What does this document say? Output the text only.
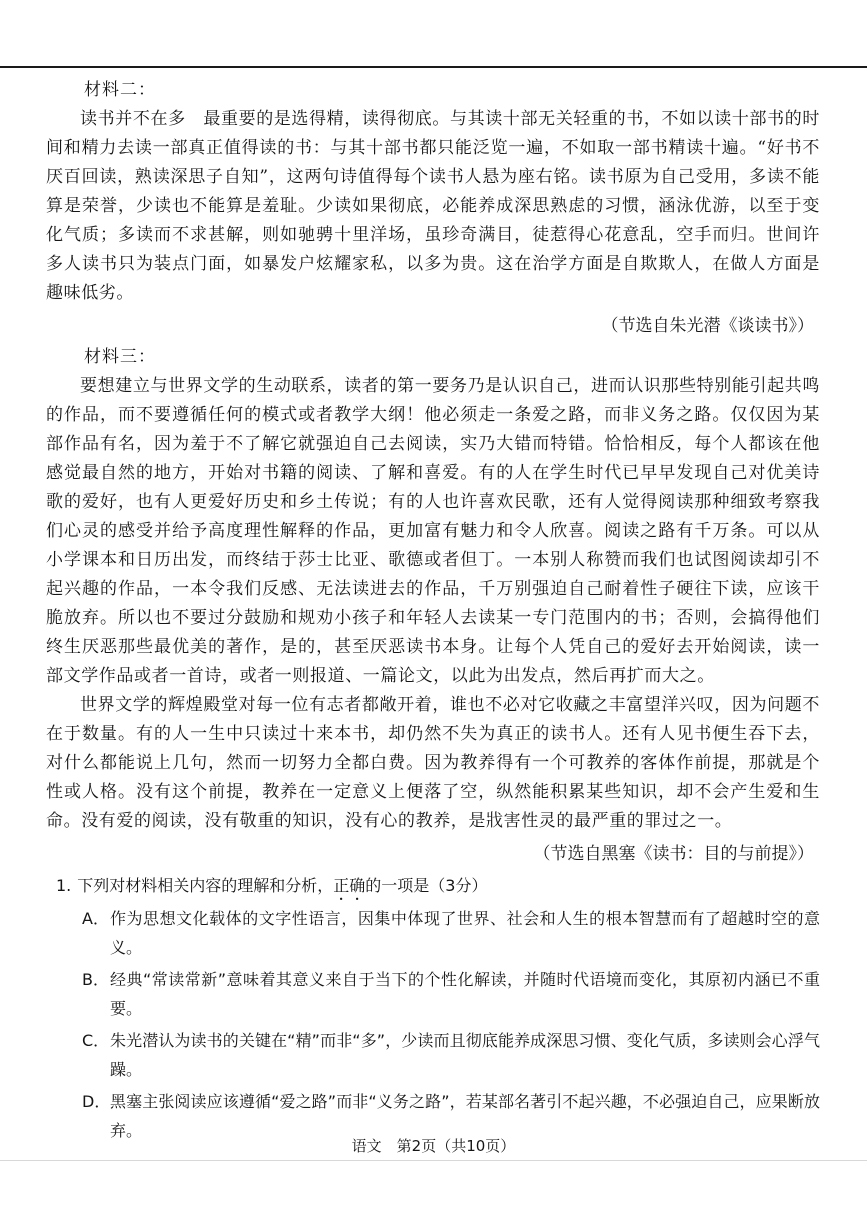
材料二：

读书并不在多　最重要的是选得精，读得彻底。与其读十部无关轻重的书，不如以读十部书的时间和精力去读一部真正值得读的书：与其十部书都只能泛览一遍，不如取一部书精读十遍。“好书不厌百回读，熟读深思子自知”，这两句诗值得每个读书人悬为座右铭。读书原为自己受用，多读不能算是荣誉，少读也不能算是羞耻。少读如果彻底，必能养成深思熟虑的习惯，涵泳优游，以至于变化气质；多读而不求甚解，则如驰骋十里洋场，虽珍奇满目，徒惹得心花意乱，空手而归。世间许多人读书只为装点门面，如暴发户炫耀家私，以多为贵。这在治学方面是自欺欺人，在做人方面是趣味低劣。

（节选自朱光潜《谈读书》）
材料三：

要想建立与世界文学的生动联系，读者的第一要务乃是认识自己，进而认识那些特别能引起共鸣的作品，而不要遵循任何的模式或者教学大纲！他必须走一条爱之路，而非义务之路。仅仅因为某部作品有名，因为羞于不了解它就强迫自己去阅读，实乃大错而特错。恰恰相反，每个人都该在他感觉最自然的地方，开始对书籍的阅读、了解和喜爱。有的人在学生时代已早早发现自己对优美诗歌的爱好，也有人更爱好历史和乡土传说；有的人也许喜欢民歌，还有人觉得阅读那种细致考察我们心灵的感受并给予高度理性解释的作品，更加富有魅力和令人欣喜。阅读之路有千万条。可以从小学课本和日历出发，而终结于莎士比亚、歌德或者但丁。一本别人称赞而我们也试图阅读却引不起兴趣的作品，一本令我们反感、无法读进去的作品，千万别强迫自己耐着性子硬往下读，应该干脆放弃。所以也不要过分鼓励和规劝小孩子和年轻人去读某一专门范围内的书；否则，会搞得他们终生厌恶那些最优美的著作，是的，甚至厌恶读书本身。让每个人凭自己的爱好去开始阅读，读一部文学作品或者一首诗，或者一则报道、一篇论文，以此为出发点，然后再扩而大之。

世界文学的辉煌殿堂对每一位有志者都敞开着，谁也不必对它收藏之丰富望洋兴叹，因为问题不在于数量。有的人一生中只读过十来本书，却仍然不失为真正的读书人。还有人见书便生吞下去，对什么都能说上几句，然而一切努力全都白费。因为教养得有一个可教养的客体作前提，那就是个性或人格。没有这个前提，教养在一定意义上便落了空，纵然能积累某些知识，却不会产生爱和生命。没有爱的阅读，没有敬重的知识，没有心的教养，是戕害性灵的最严重的罪过之一。

（节选自黑塞《读书：目的与前提》）
1. 下列对材料相关内容的理解和分析，正确的一项是（3分）
A． 作为思想文化载体的文字性语言，因集中体现了世界、社会和人生的根本智慧而有了超越时空的意义。
B． 经典“常读常新”意味着其意义来自于当下的个性化解读，并随时代语境而变化，其原初内涵已不重要。
C． 朱光潜认为读书的关键在“精”而非“多”，少读而且彻底能养成深思习惯、变化气质，多读则会心浮气躁。
D． 黑塞主张阅读应该遵循“爱之路”而非“义务之路”，若某部名著引不起兴趣，不必强迫自己，应果断放弃。
语文　第2页（共10页）
